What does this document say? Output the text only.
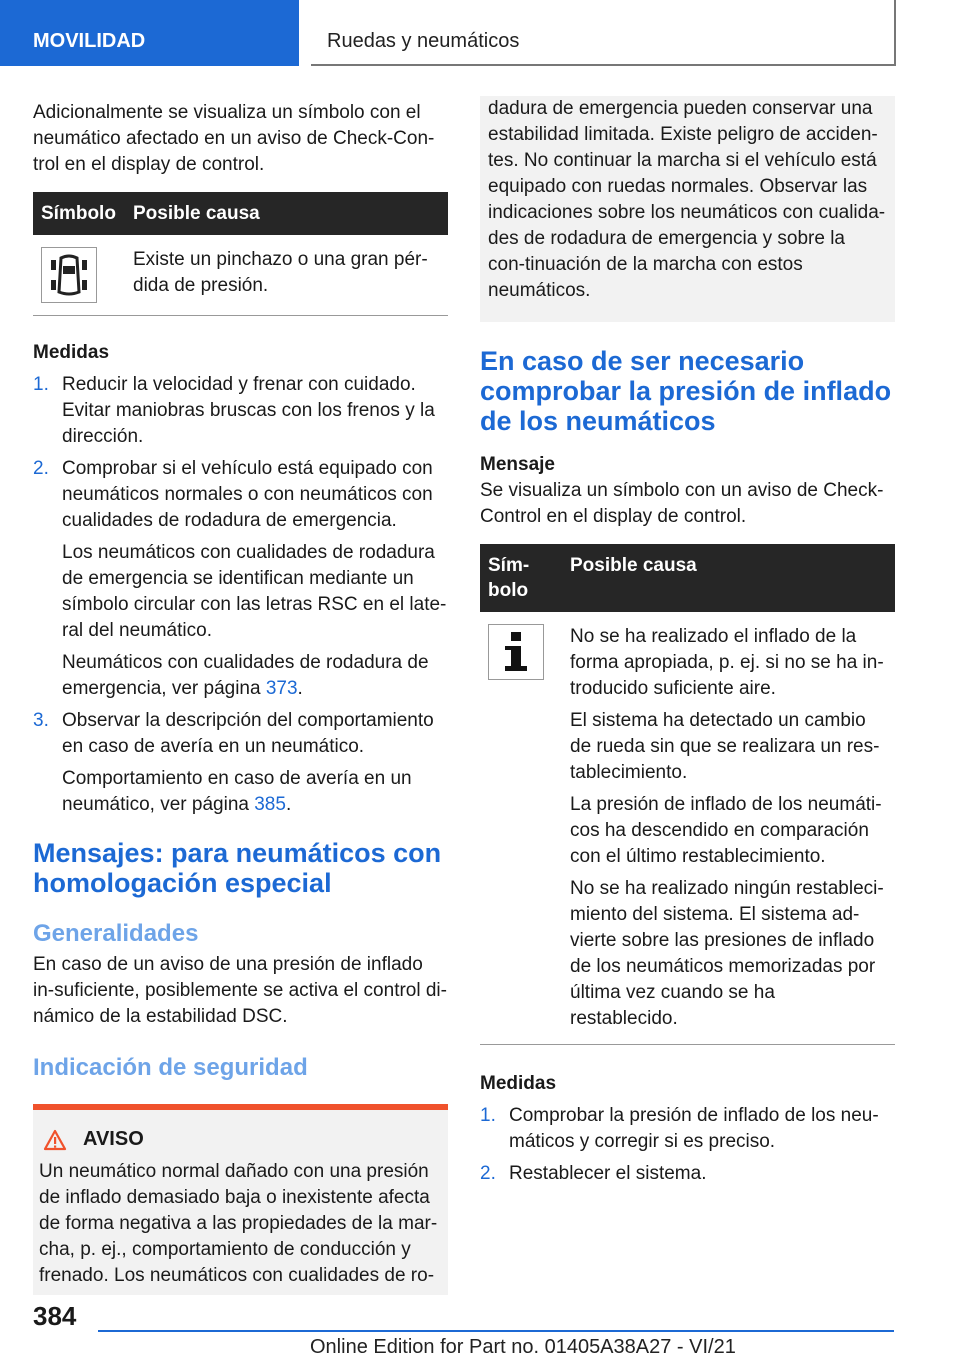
MOVILIDAD	Ruedas y neumáticos

Adicionalmente se visualiza un símbolo con el neumático afectado en un aviso de Check-Con-trol en el display de control.

Símbolo	Posible causa

	Existe un pinchazo o una gran pér-dida de presión.
Medidas
1. Reducir la velocidad y frenar con cuidado. Evitar maniobras bruscas con los frenos y la dirección.

2. Comprobar si el vehículo está equipado con neumáticos normales o con neumáticos con cualidades de rodadura de emergencia.

Los neumáticos con cualidades de rodadura de emergencia se identifican mediante un símbolo circular con las letras RSC en el late-ral del neumático.

Neumáticos con cualidades de rodadura de emergencia, ver página 373.

3. Observar la descripción del comportamiento en caso de avería en un neumático.

Comportamiento en caso de avería en un neumático, ver página 385.

Mensajes: para neumáticos con homologación especial
Generalidades

En caso de un aviso de una presión de inflado in-suficiente, posiblemente se activa el control di-námico de la estabilidad DSC.

Indicación de seguridad
AVISO

Un neumático normal dañado con una presión de inflado demasiado baja o inexistente afecta de forma negativa a las propiedades de la mar-cha, p. ej., comportamiento de conducción y frenado. Los neumáticos con cualidades de ro-

dadura de emergencia pueden conservar una estabilidad limitada. Existe peligro de acciden-tes. No continuar la marcha si el vehículo está equipado con ruedas normales. Observar las indicaciones sobre los neumáticos con cualida-des de rodadura de emergencia y sobre la con-tinuación de la marcha con estos neumáticos.

En caso de ser necesario comprobar la presión de inflado de los neumáticos
Mensaje

Se visualiza un símbolo con un aviso de Check-Control en el display de control.

Sím-bolo	Posible causa

No se ha realizado el inflado de la forma apropiada, p. ej. si no se ha in-troducido suficiente aire.

El sistema ha detectado un cambio de rueda sin que se realizara un res-tablecimiento.

La presión de inflado de los neumáti-cos ha descendido en comparación con el último restablecimiento.

No se ha realizado ningún restableci-miento del sistema. El sistema ad-vierte sobre las presiones de inflado de los neumáticos memorizadas por última vez cuando se ha restablecido.

Medidas
1. Comprobar la presión de inflado de los neu-máticos y corregir si es preciso.

2. Restablecer el sistema.

384
Online Edition for Part no. 01405A38A27 - VI/21
